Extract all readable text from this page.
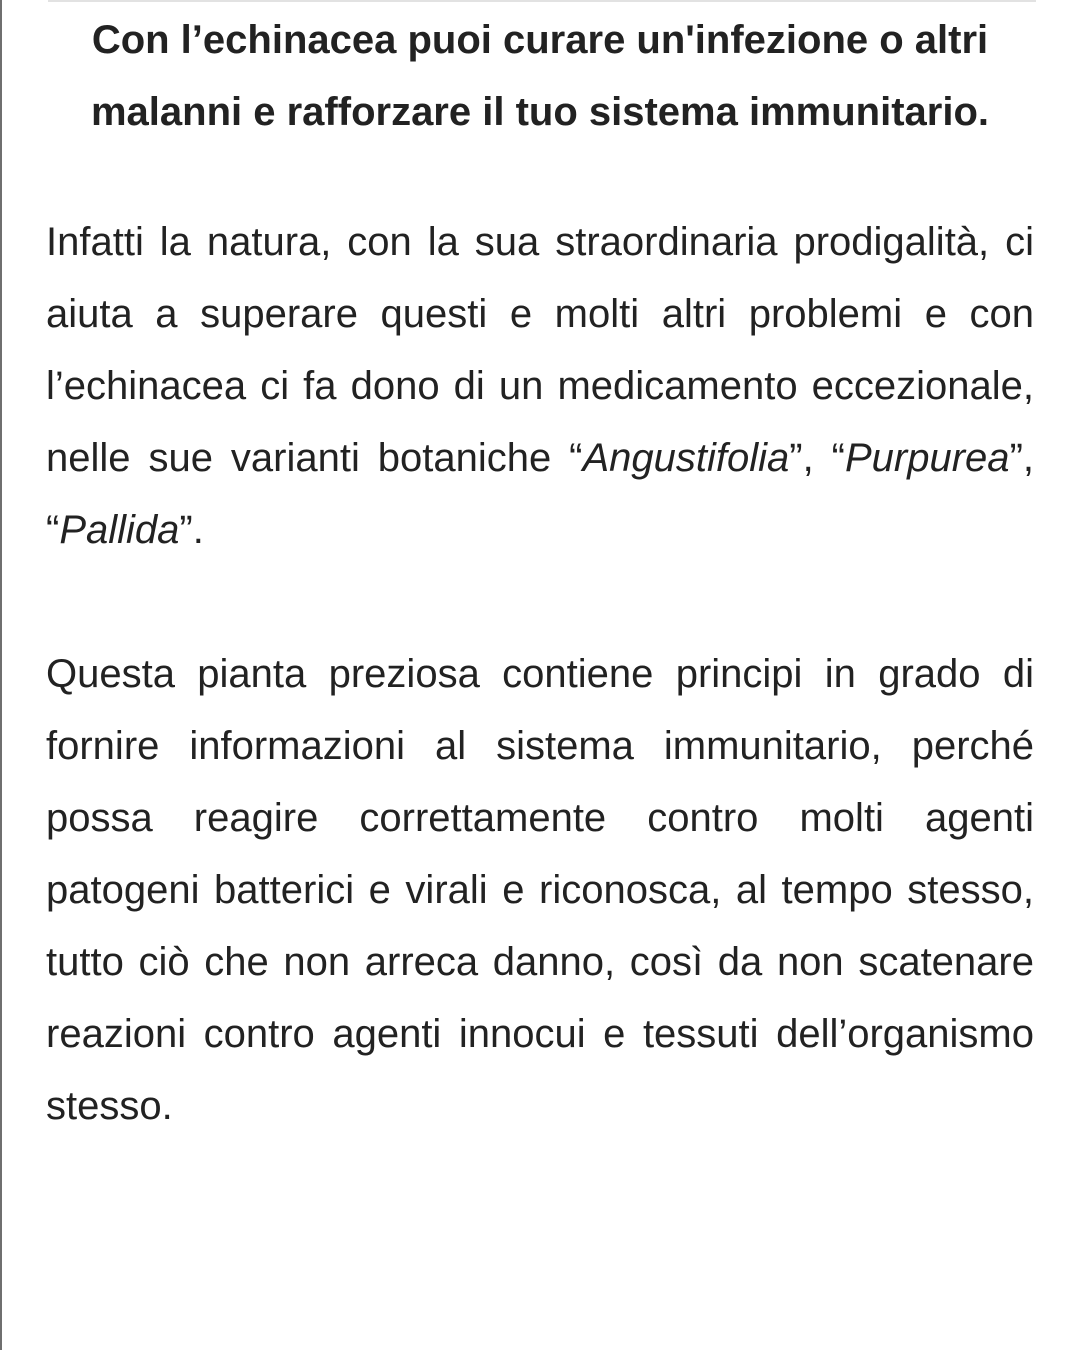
Con l’echinacea puoi curare un'infezione o altri malanni e rafforzare il tuo sistema immunitario.

Infatti la natura, con la sua straordinaria prodigalità, ci aiuta a superare questi e molti altri problemi e con l’echinacea ci fa dono di un medicamento eccezionale, nelle sue varianti botaniche “Angustifolia”, “Purpurea”, “Pallida”.

Questa pianta preziosa contiene principi in grado di fornire informazioni al sistema immunitario, perché possa reagire correttamente contro molti agenti patogeni batterici e virali e riconosca, al tempo stesso, tutto ciò che non arreca danno, così da non scatenare reazioni contro agenti innocui e tessuti dell’organismo stesso.
